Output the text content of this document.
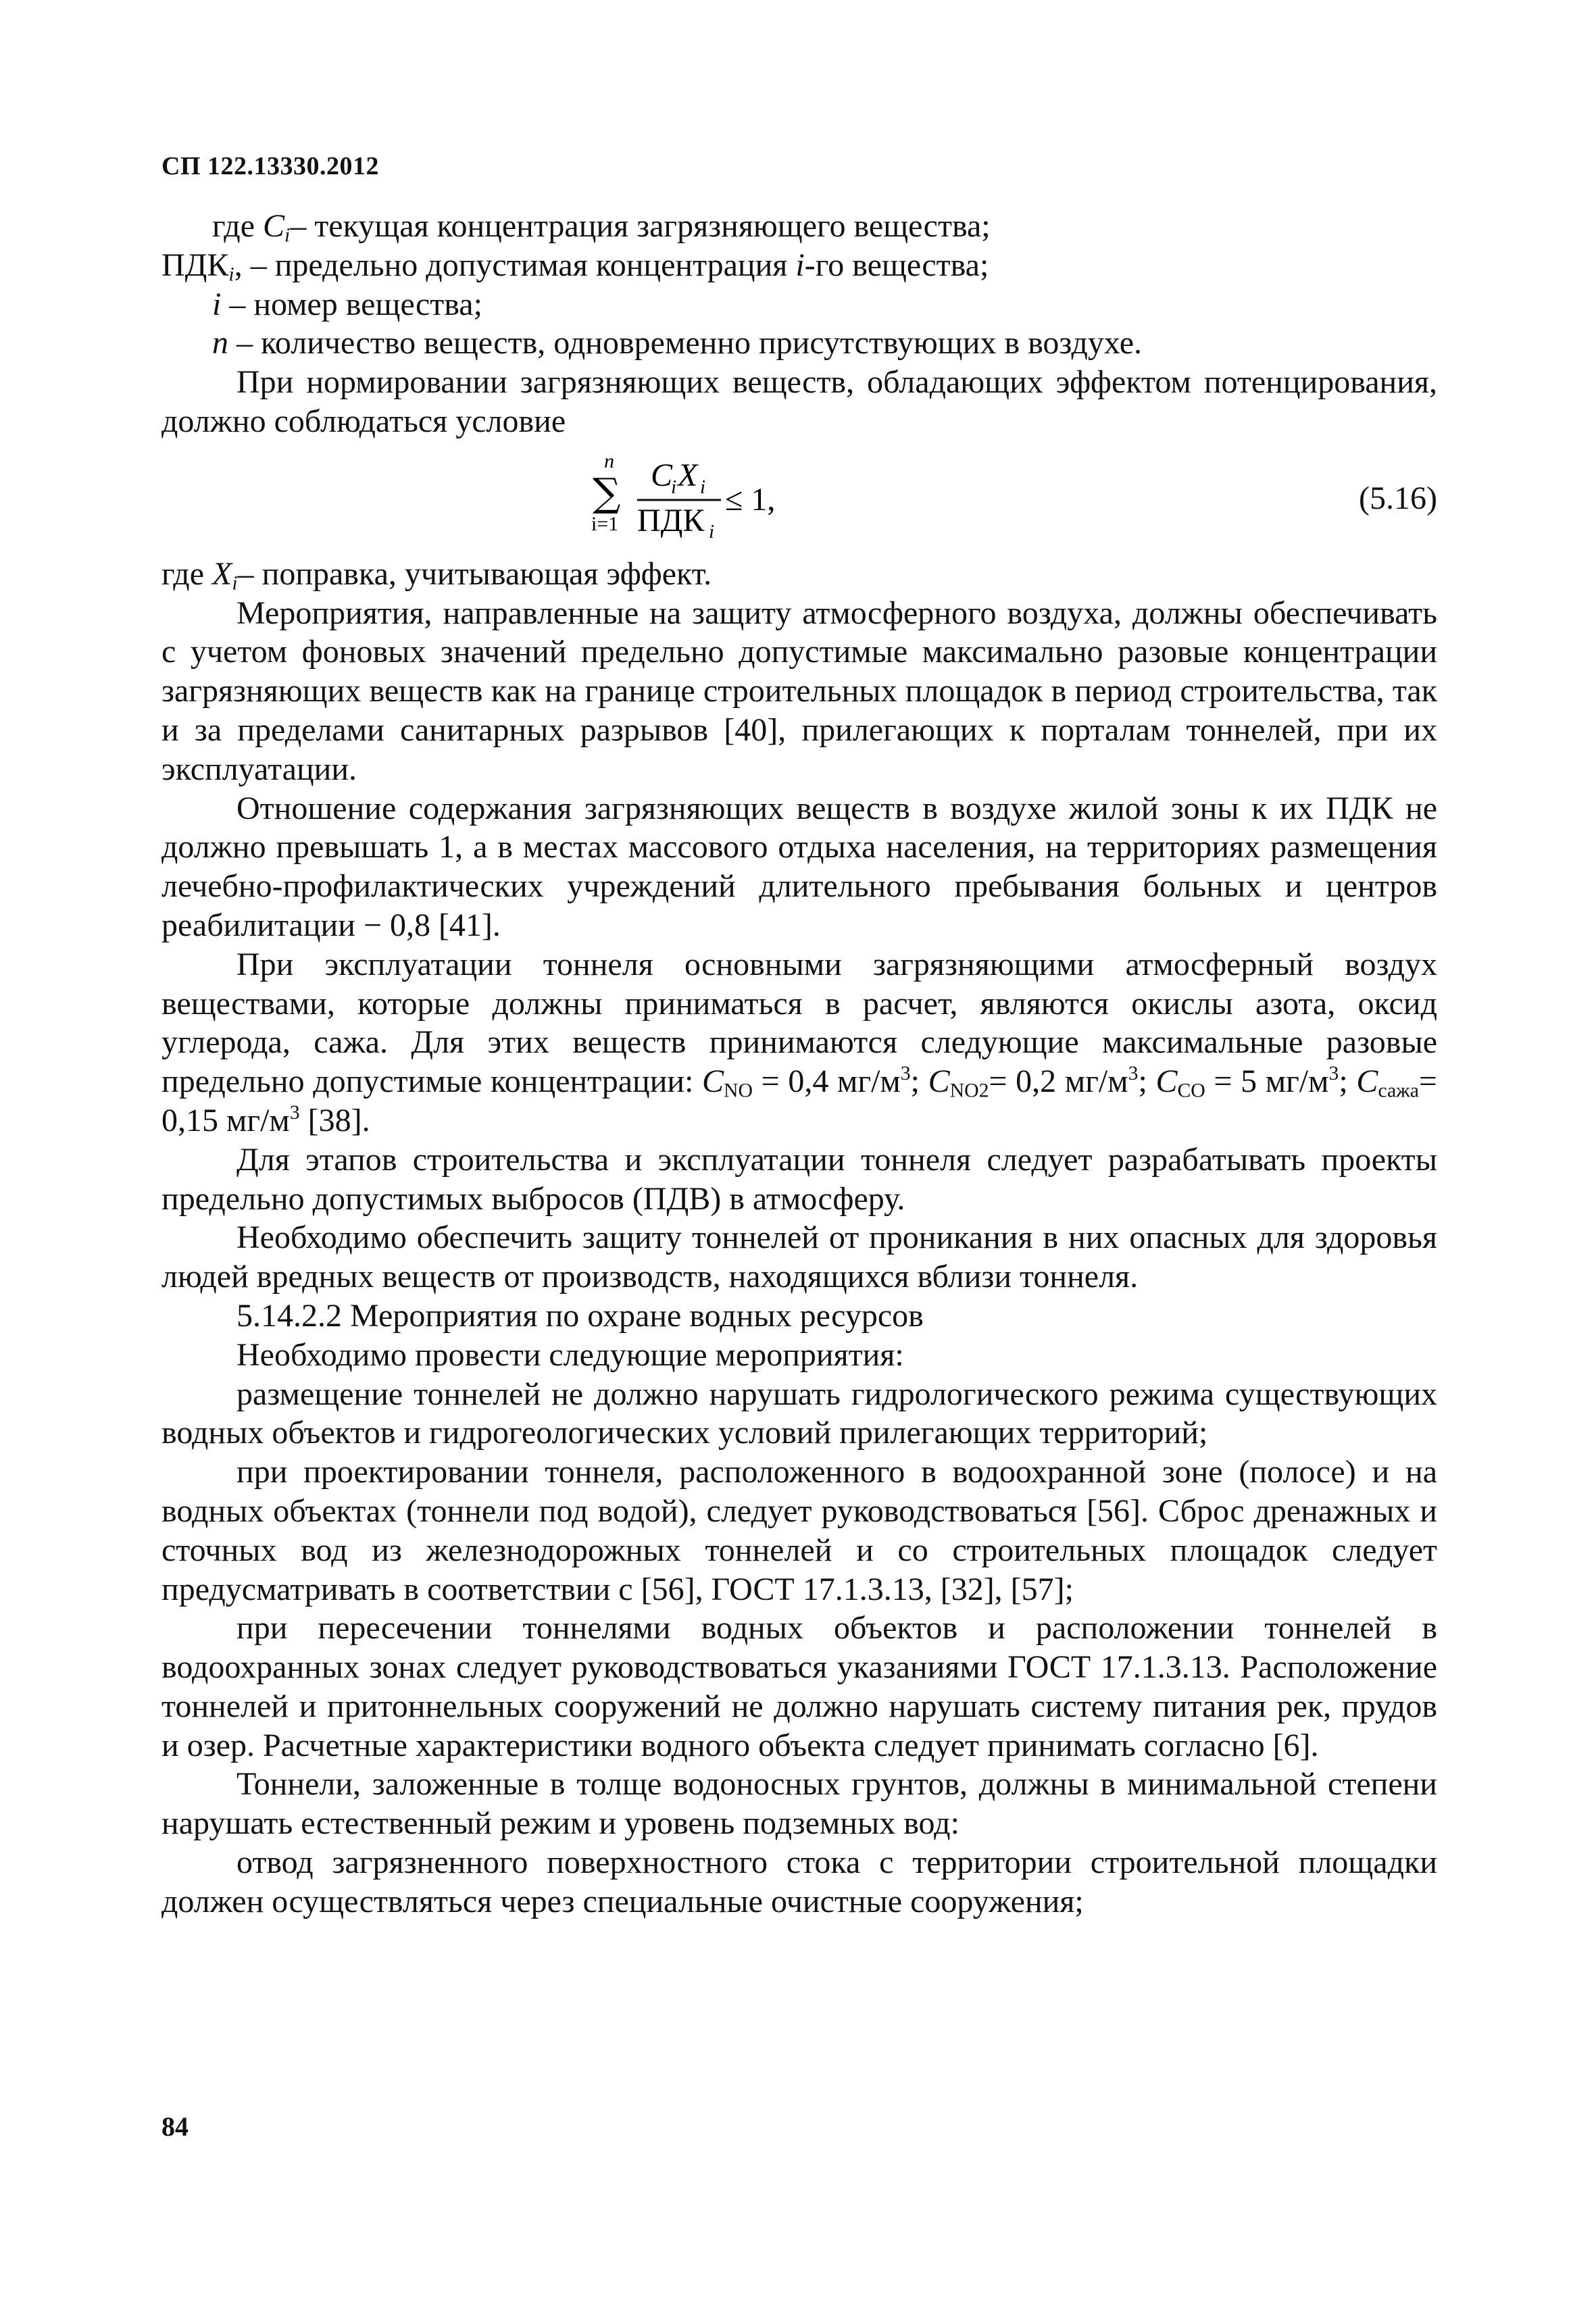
СП 122.13330.2012

где $C_i-$ текущая концентрация загрязняющего вещества;

$ПДК_i$, – предельно допустимая концентрация i-го вещества;

i – номер вещества;

n – количество веществ, одновременно присутствующих в воздухе.

При нормировании загрязняющих веществ, обладающих эффектом потенцирования, должно соблюдаться условие

n
∑
i=1
C
i X i
ПДК i
≤ 1,	(5.16)

где $X_i-$ поправка, учитывающая эффект.

Мероприятия, направленные на защиту атмосферного воздуха, должны обеспечивать с учетом фоновых значений предельно допустимые максимально разовые концентрации загрязняющих веществ как на границе строительных площадок в период строительства, так и за пределами санитарных разрывов [40], прилегающих к порталам тоннелей, при их эксплуатации.

Отношение содержания загрязняющих веществ в воздухе жилой зоны к их ПДК не должно превышать 1, а в местах массового отдыха населения, на территориях размещения лечебно-профилактических учреждений длительного пребывания больных и центров реабилитации − 0,8 [41].

При эксплуатации тоннеля основными загрязняющими атмосферный воздух веществами, которые должны приниматься в расчет, являются окислы азота, оксид углерода, сажа. Для этих веществ принимаются следующие максимальные разовые предельно допустимые концентрации: $C_{NO} = 0,4$ $мг/м^3$; $C_{NO2}= 0,2$ $мг/м^3$; $C_{CO} = 5$ $мг/м^3$; $C_{сажа}= 0,15$ $мг/м^3$ [38].

Для этапов строительства и эксплуатации тоннеля следует разрабатывать проекты предельно допустимых выбросов (ПДВ) в атмосферу.

Необходимо обеспечить защиту тоннелей от проникания в них опасных для здоровья людей вредных веществ от производств, находящихся вблизи тоннеля.

5.14.2.2 Мероприятия по охране водных ресурсов

Необходимо провести следующие мероприятия:

размещение тоннелей не должно нарушать гидрологического режима существующих водных объектов и гидрогеологических условий прилегающих территорий;

при проектировании тоннеля, расположенного в водоохранной зоне (полосе) и на водных объектах (тоннели под водой), следует руководствоваться [56]. Сброс дренажных и сточных вод из железнодорожных тоннелей и со строительных площадок следует предусматривать в соответствии с [56], ГОСТ 17.1.3.13, [32], [57];

при пересечении тоннелями водных объектов и расположении тоннелей в водоохранных зонах следует руководствоваться указаниями ГОСТ 17.1.3.13. Расположение тоннелей и притоннельных сооружений не должно нарушать систему питания рек, прудов и озер. Расчетные характеристики водного объекта следует принимать согласно [6].

Тоннели, заложенные в толще водоносных грунтов, должны в минимальной степени нарушать естественный режим и уровень подземных вод:

отвод загрязненного поверхностного стока с территории строительной площадки должен осуществляться через специальные очистные сооружения;

84
